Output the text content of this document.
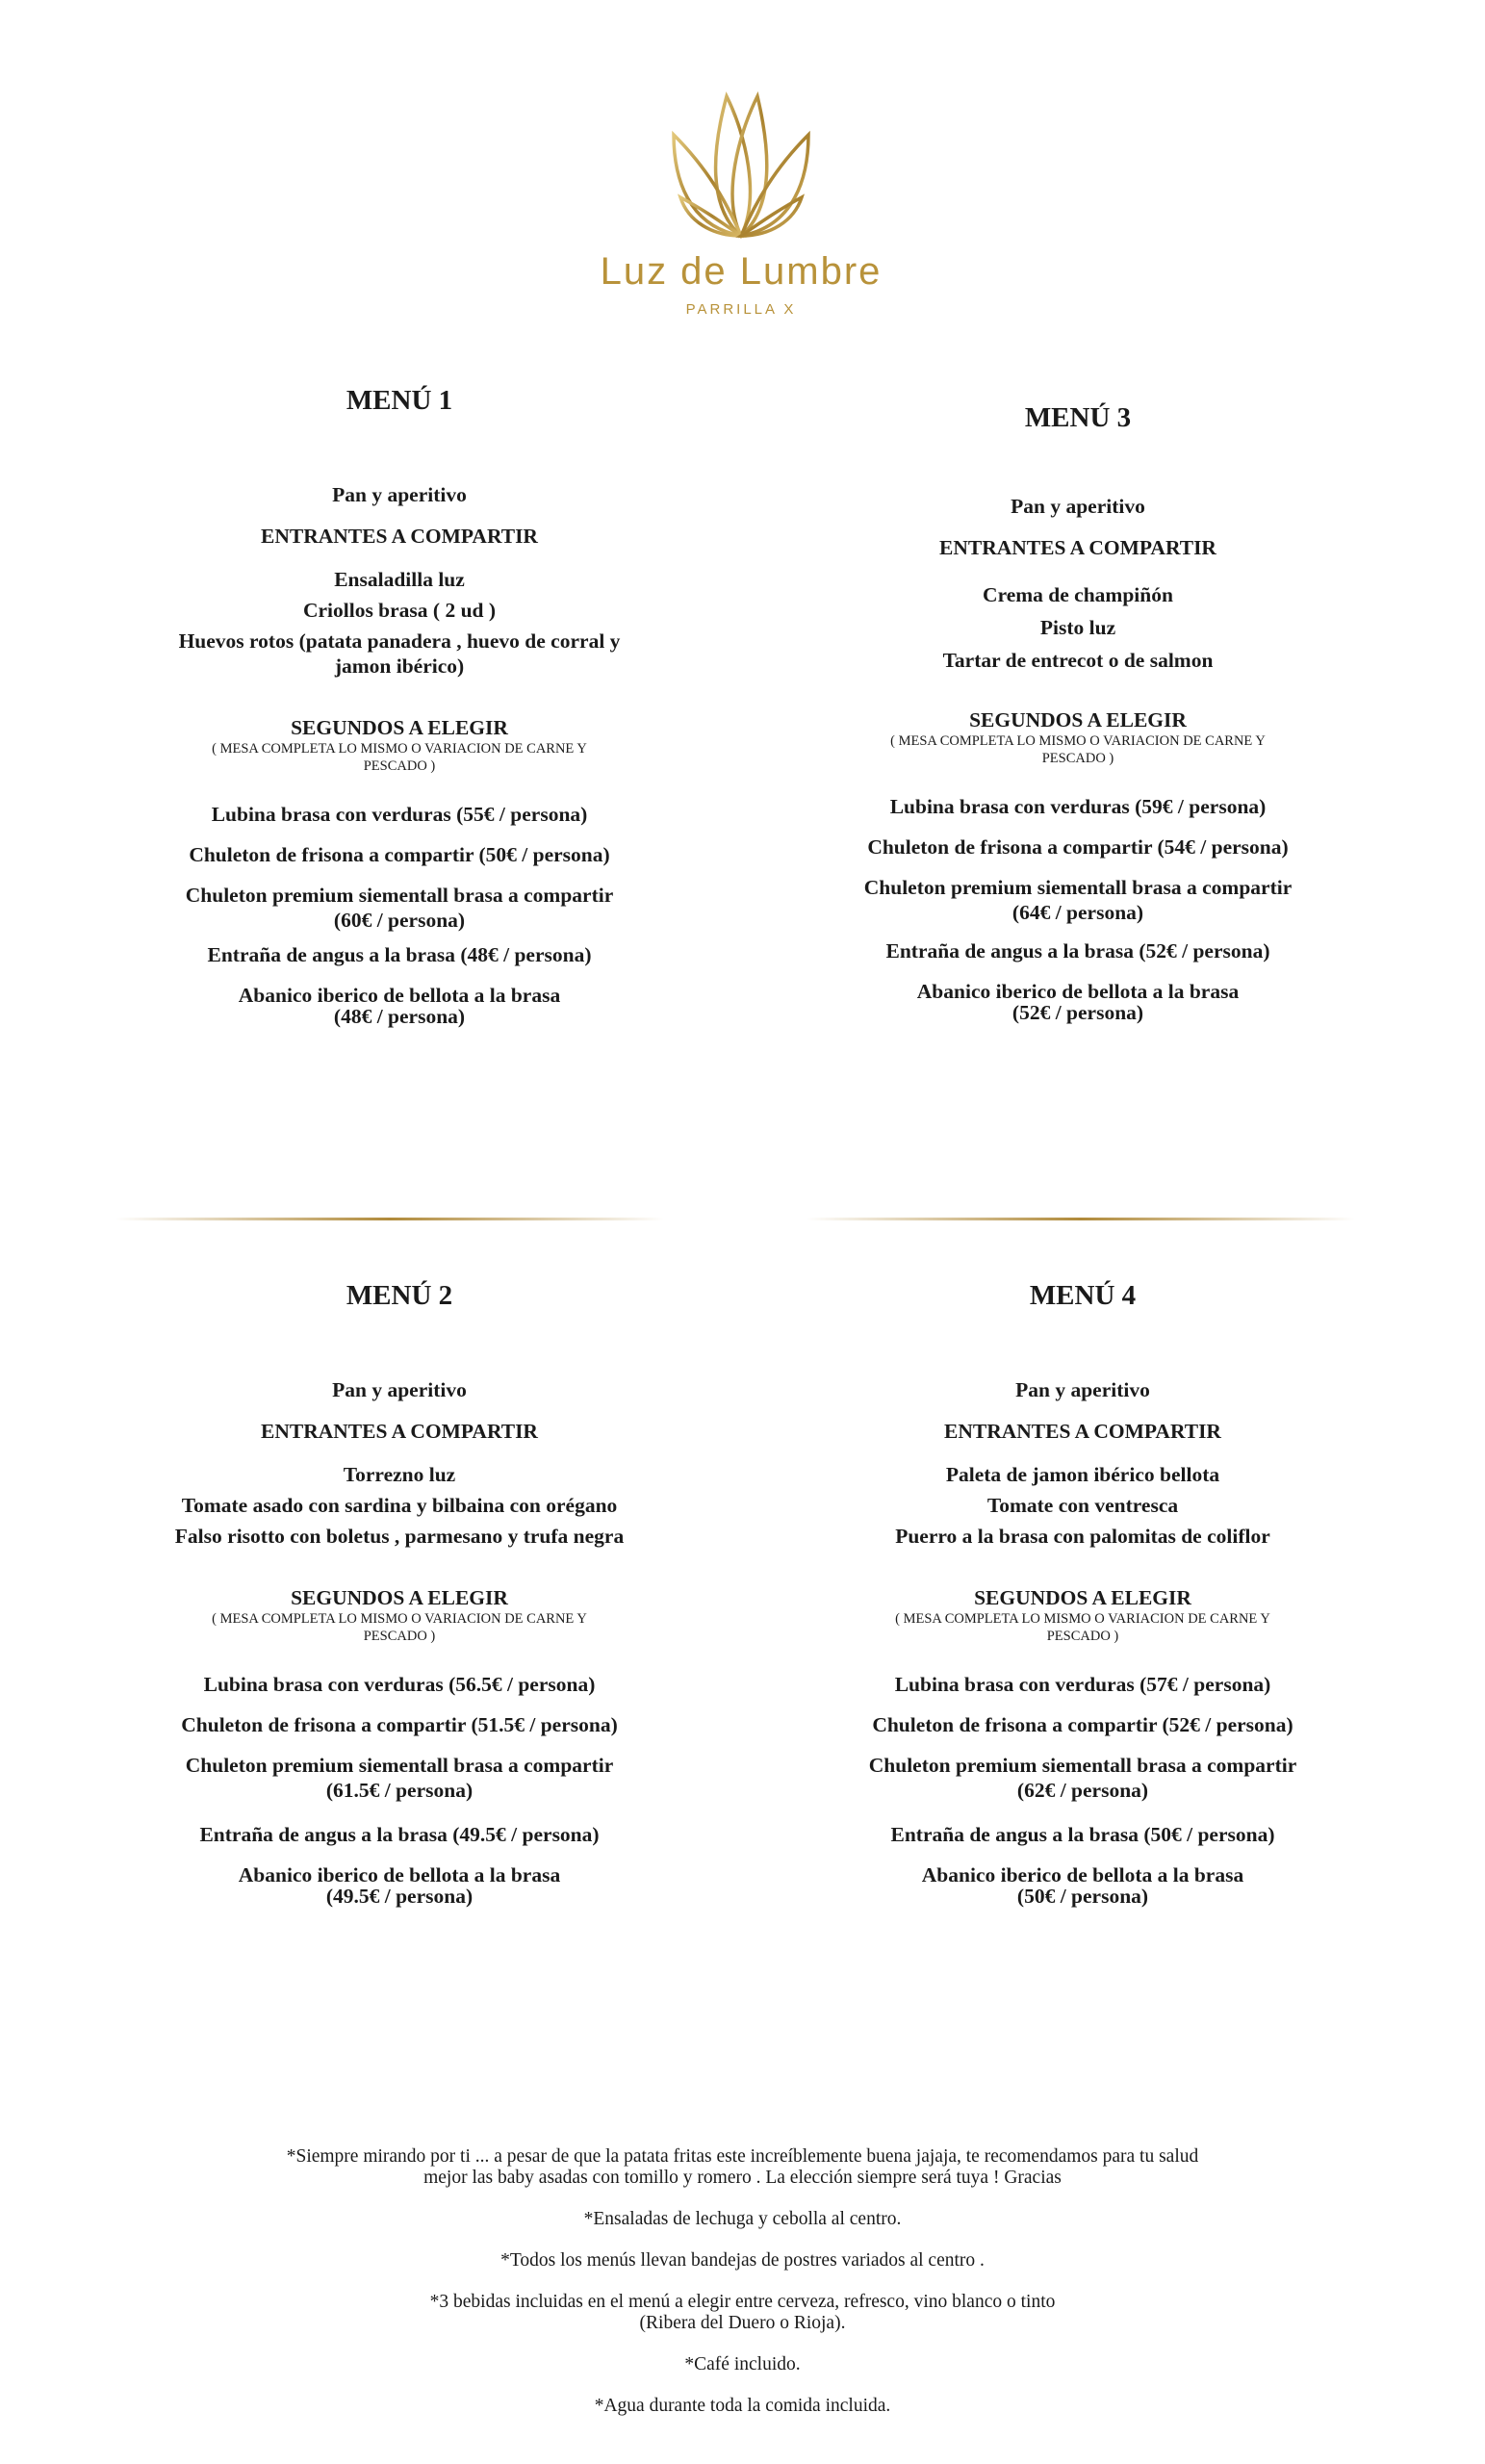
Luz de Lumbre
PARRILLA X
MENÚ 1
Pan y aperitivo
ENTRANTES A COMPARTIR
Ensaladilla luz
Criollos brasa ( 2 ud )
Huevos rotos (patata panadera , huevo de corral y
jamon ibérico)
SEGUNDOS A ELEGIR
( MESA COMPLETA LO MISMO O VARIACION DE CARNE Y
PESCADO )
Lubina brasa con verduras (55€ / persona)
Chuleton de frisona a compartir (50€ / persona)
Chuleton premium siementall brasa a compartir
(60€ / persona)
Entraña de angus a la brasa (48€ / persona)
Abanico iberico de bellota a la brasa
(48€ / persona)
MENÚ 3
Pan y aperitivo
ENTRANTES A COMPARTIR
Crema de champiñón
Pisto luz
Tartar de entrecot o de salmon
SEGUNDOS A ELEGIR
( MESA COMPLETA LO MISMO O VARIACION DE CARNE Y
PESCADO )
Lubina brasa con verduras (59€ / persona)
Chuleton de frisona a compartir (54€ / persona)
Chuleton premium siementall brasa a compartir
(64€ / persona)
Entraña de angus a la brasa (52€ / persona)
Abanico iberico de bellota a la brasa
(52€ / persona)
MENÚ 2
Pan y aperitivo
ENTRANTES A COMPARTIR
Torrezno luz
Tomate asado con sardina y bilbaina con orégano
Falso risotto con boletus , parmesano y trufa negra
SEGUNDOS A ELEGIR
( MESA COMPLETA LO MISMO O VARIACION DE CARNE Y
PESCADO )
Lubina brasa con verduras (56.5€ / persona)
Chuleton de frisona a compartir (51.5€ / persona)
Chuleton premium siementall brasa a compartir
(61.5€ / persona)
Entraña de angus a la brasa (49.5€ / persona)
Abanico iberico de bellota a la brasa
(49.5€ / persona)
MENÚ 4
Pan y aperitivo
ENTRANTES A COMPARTIR
Paleta de jamon ibérico bellota
Tomate con ventresca
Puerro a la brasa con palomitas de coliflor
SEGUNDOS A ELEGIR
( MESA COMPLETA LO MISMO O VARIACION DE CARNE Y
PESCADO )
Lubina brasa con verduras (57€ / persona)
Chuleton de frisona a compartir (52€ / persona)
Chuleton premium siementall brasa a compartir
(62€ / persona)
Entraña de angus a la brasa (50€ / persona)
Abanico iberico de bellota a la brasa
(50€ / persona)

*Siempre mirando por ti ... a pesar de que la patata fritas este increíblemente buena jajaja, te recomendamos para tu salud
mejor las baby asadas con tomillo y romero . La elección siempre será tuya ! Gracias

*Ensaladas de lechuga y cebolla al centro.

*Todos los menús llevan bandejas de postres variados al centro .

*3 bebidas incluidas en el menú a elegir entre cerveza, refresco, vino blanco o tinto
(Ribera del Duero o Rioja).

*Café incluido.

*Agua durante toda la comida incluida.
